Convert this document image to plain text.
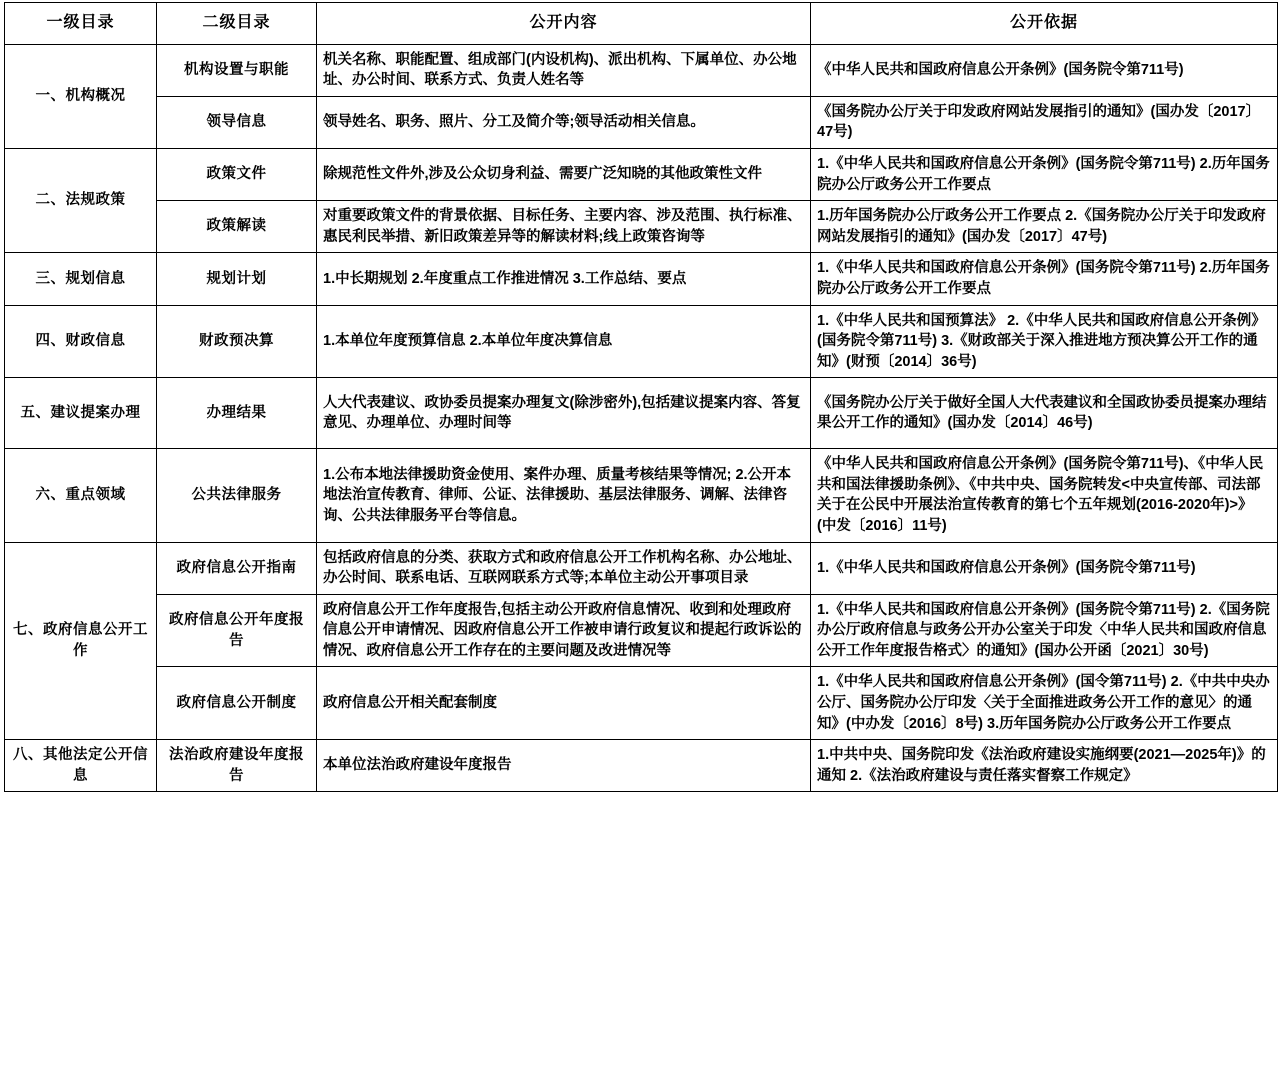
一级目录	二级目录	公开内容	公开依据
一、机构概况	机构设置与职能	机关名称、职能配置、组成部门(内设机构)、派出机构、下属单位、办公地址、办公时间、联系方式、负责人姓名等	《中华人民共和国政府信息公开条例》(国务院令第711号)
	领导信息	领导姓名、职务、照片、分工及简介等;领导活动相关信息。	《国务院办公厅关于印发政府网站发展指引的通知》(国办发〔2017〕47号)
二、法规政策	政策文件	除规范性文件外,涉及公众切身利益、需要广泛知晓的其他政策性文件	1.《中华人民共和国政府信息公开条例》(国务院令第711号) 2.历年国务院办公厅政务公开工作要点
	政策解读	对重要政策文件的背景依据、目标任务、主要内容、涉及范围、执行标准、惠民利民举措、新旧政策差异等的解读材料;线上政策咨询等	1.历年国务院办公厅政务公开工作要点 2.《国务院办公厅关于印发政府网站发展指引的通知》(国办发〔2017〕47号)
三、规划信息	规划计划	1.中长期规划 2.年度重点工作推进情况 3.工作总结、要点	1.《中华人民共和国政府信息公开条例》(国务院令第711号) 2.历年国务院办公厅政务公开工作要点
四、财政信息	财政预决算	1.本单位年度预算信息 2.本单位年度决算信息	1.《中华人民共和国预算法》 2.《中华人民共和国政府信息公开条例》(国务院令第711号) 3.《财政部关于深入推进地方预决算公开工作的通知》(财预〔2014〕36号)
五、建议提案办理	办理结果	人大代表建议、政协委员提案办理复文(除涉密外),包括建议提案内容、答复意见、办理单位、办理时间等	《国务院办公厅关于做好全国人大代表建议和全国政协委员提案办理结果公开工作的通知》(国办发〔2014〕46号)
六、重点领域	公共法律服务	1.公布本地法律援助资金使用、案件办理、质量考核结果等情况; 2.公开本地法治宣传教育、律师、公证、法律援助、基层法律服务、调解、法律咨询、公共法律服务平台等信息。	《中华人民共和国政府信息公开条例》(国务院令第711号)、《中华人民共和国法律援助条例》、《中共中央、国务院转发<中央宣传部、司法部关于在公民中开展法治宣传教育的第七个五年规划(2016-2020年)>》(中发〔2016〕11号)
七、政府信息公开工作	政府信息公开指南	包括政府信息的分类、获取方式和政府信息公开工作机构名称、办公地址、办公时间、联系电话、互联网联系方式等;本单位主动公开事项目录	1.《中华人民共和国政府信息公开条例》(国务院令第711号)
	政府信息公开年度报告	政府信息公开工作年度报告,包括主动公开政府信息情况、收到和处理政府信息公开申请情况、因政府信息公开工作被申请行政复议和提起行政诉讼的情况、政府信息公开工作存在的主要问题及改进情况等	1.《中华人民共和国政府信息公开条例》(国务院令第711号) 2.《国务院办公厅政府信息与政务公开办公室关于印发〈中华人民共和国政府信息公开工作年度报告格式〉的通知》(国办公开函〔2021〕30号)
	政府信息公开制度	政府信息公开相关配套制度	1.《中华人民共和国政府信息公开条例》(国令第711号) 2.《中共中央办公厅、国务院办公厅印发〈关于全面推进政务公开工作的意见〉的通知》(中办发〔2016〕8号) 3.历年国务院办公厅政务公开工作要点
八、其他法定公开信息	法治政府建设年度报告	本单位法治政府建设年度报告	1.中共中央、国务院印发《法治政府建设实施纲要(2021—2025年)》的通知 2.《法治政府建设与责任落实督察工作规定》
